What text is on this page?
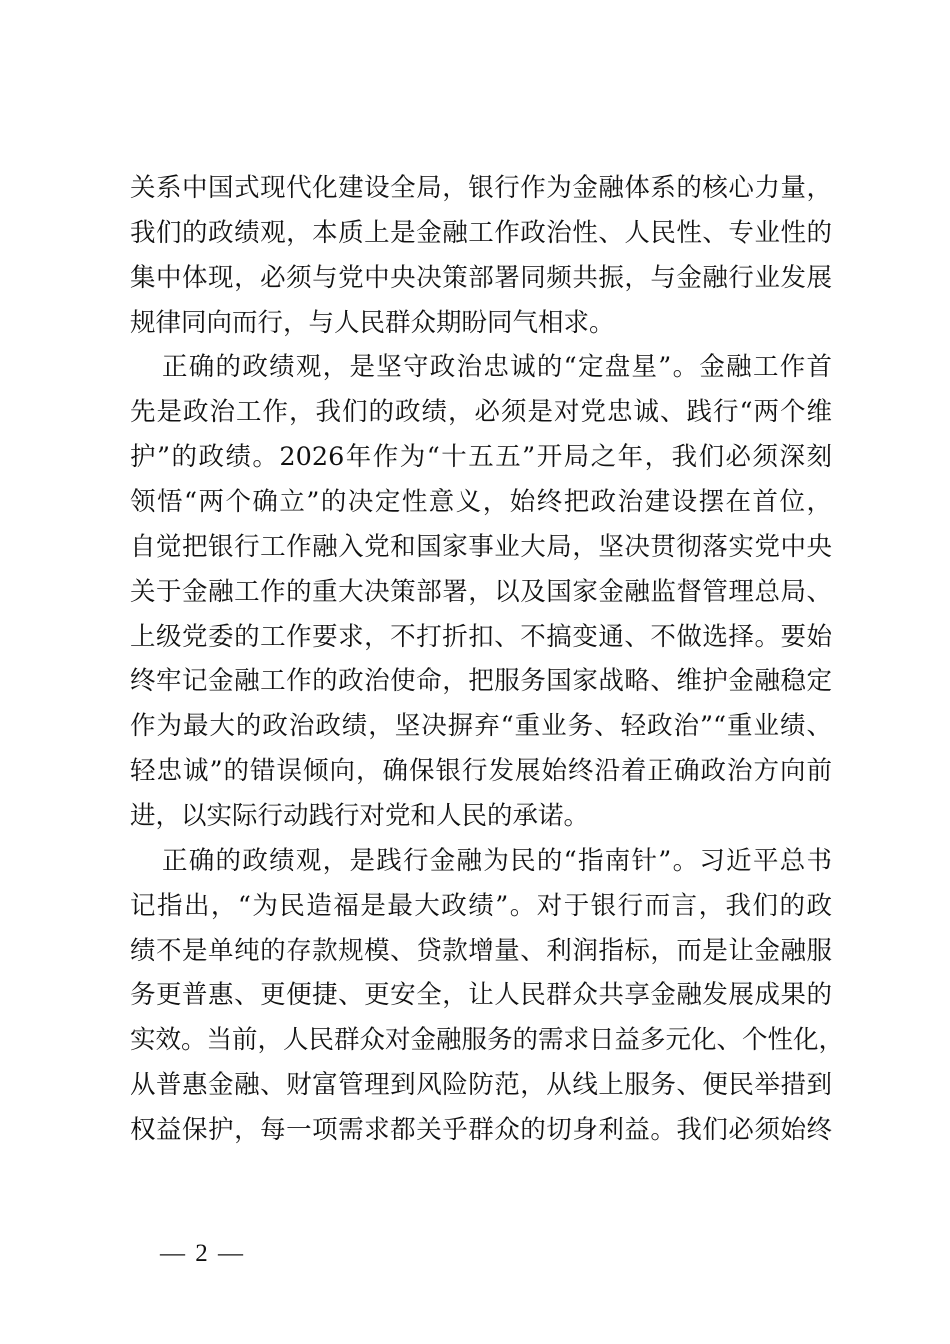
关系中国式现代化建设全局，银行作为金融体系的核心力量，
我们的政绩观，本质上是金融工作政治性、人民性、专业性的
集中体现，必须与党中央决策部署同频共振，与金融行业发展
规律同向而行，与人民群众期盼同气相求。
正确的政绩观，是坚守政治忠诚的“定盘星”。金融工作首
先是政治工作，我们的政绩，必须是对党忠诚、践行“两个维
护”的政绩。2026年作为“十五五”开局之年，我们必须深刻
领悟“两个确立”的决定性意义，始终把政治建设摆在首位，
自觉把银行工作融入党和国家事业大局，坚决贯彻落实党中央
关于金融工作的重大决策部署，以及国家金融监督管理总局、
上级党委的工作要求，不打折扣、不搞变通、不做选择。要始
终牢记金融工作的政治使命，把服务国家战略、维护金融稳定
作为最大的政治政绩，坚决摒弃“重业务、轻政治”“重业绩、
轻忠诚”的错误倾向，确保银行发展始终沿着正确政治方向前
进，以实际行动践行对党和人民的承诺。
正确的政绩观，是践行金融为民的“指南针”。习近平总书
记指出，“为民造福是最大政绩”。对于银行而言，我们的政
绩不是单纯的存款规模、贷款增量、利润指标，而是让金融服
务更普惠、更便捷、更安全，让人民群众共享金融发展成果的
实效。当前，人民群众对金融服务的需求日益多元化、个性化，
从普惠金融、财富管理到风险防范，从线上服务、便民举措到
权益保护，每一项需求都关乎群众的切身利益。我们必须始终
— 2 —
